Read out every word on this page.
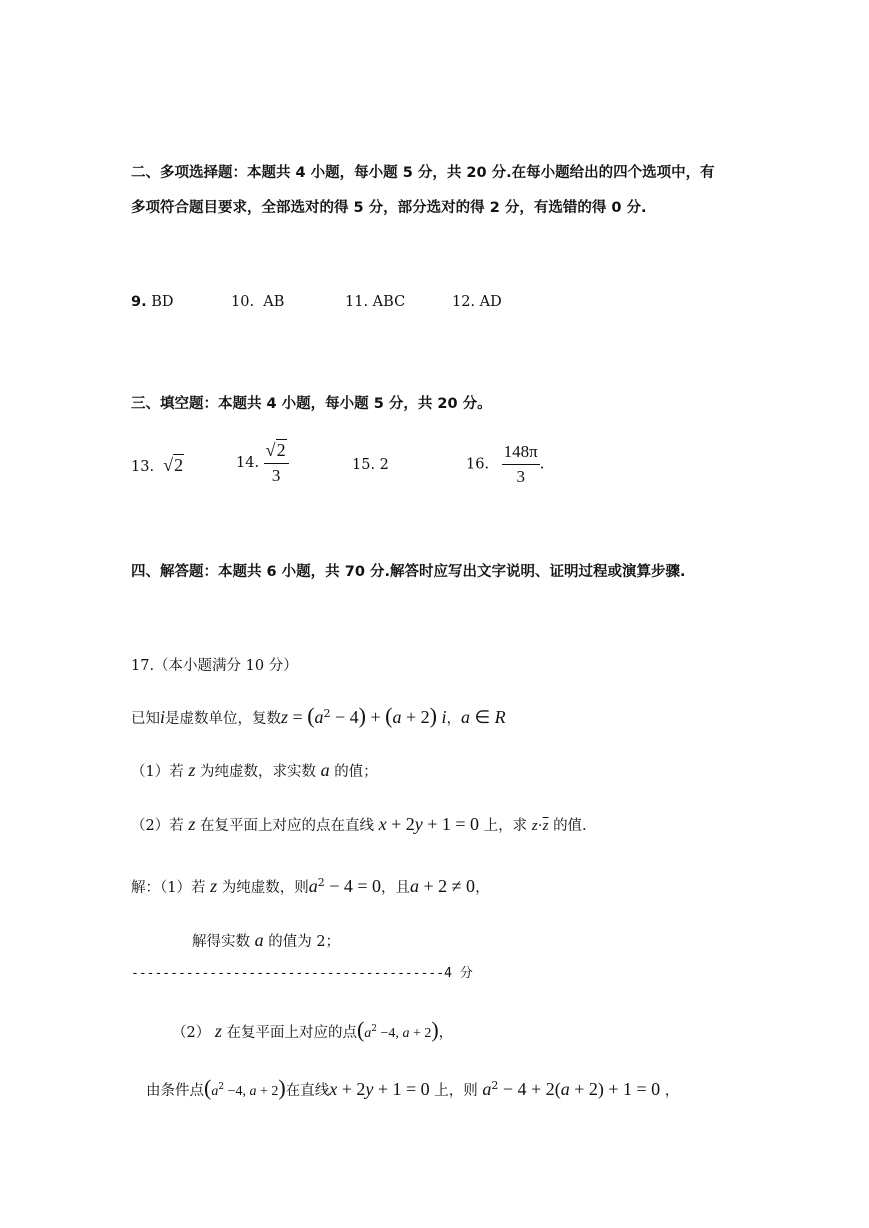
二、多项选择题：本题共 4 小题，每小题 5 分，共 20 分.在每小题给出的四个选项中，有
多项符合题目要求，全部选对的得 5 分，部分选对的得 2 分，有选错的得 0 分.
9. BD	10. AB	11. ABC	12. AD
三、填空题：本题共 4 小题，每小题 5 分，共 20 分。
13. √2	14. $\frac{√2}{3}$	15. 2	16. $\frac{148\pi}{3}$ .
四、解答题：本题共 6 小题，共 70 分.解答时应写出文字说明、证明过程或演算步骤.
17.（本小题满分 10 分）
已知i是虚数单位，复数$z = (a^2 - 4) + (a + 2)$ i，a ∈ R
（1）若 z 为纯虚数，求实数 a 的值；
（2）若 z 在复平面上对应的点在直线 x + 2y + 1 = 0 上，求 $z\cdot\overline{z}$ 的值.
解：（1）若 z 为纯虚数，则$a^2 - 4 = 0$，且a + 2 ≠ 0，
解得实数 a 的值为 2；
----------------------------------------4 分
（2） z 在复平面上对应的点($a^2 -4$, a + 2)，
由条件点($a^2 -4$, a + 2)在直线x + 2y + 1 = 0 上，则 $a^2 - 4 + 2(a + 2) + 1 = 0$ ，
